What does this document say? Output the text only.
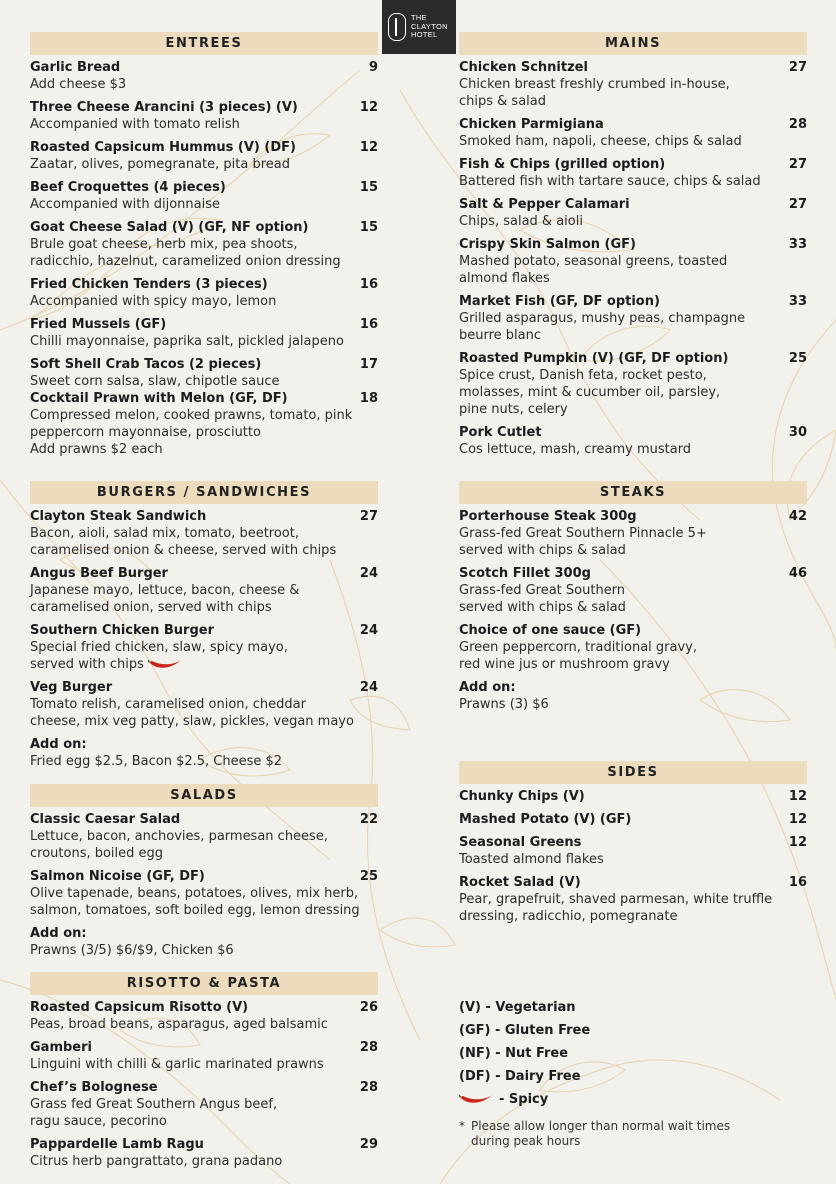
THE
CLAYTON
HOTEL
ENTREES
Garlic Bread	9
Add cheese $3
Three Cheese Arancini (3 pieces) (V)	12
Accompanied with tomato relish
Roasted Capsicum Hummus (V) (DF)	12
Zaatar, olives, pomegranate, pita bread
Beef Croquettes (4 pieces)	15
Accompanied with dijonnaise
Goat Cheese Salad (V) (GF, NF option)	15
Brule goat cheese, herb mix, pea shoots,
radicchio, hazelnut, caramelized onion dressing
Fried Chicken Tenders (3 pieces)	16
Accompanied with spicy mayo, lemon
Fried Mussels (GF)	16
Chilli mayonnaise, paprika salt, pickled jalapeno
Soft Shell Crab Tacos (2 pieces)	17
Sweet corn salsa, slaw, chipotle sauce
Cocktail Prawn with Melon (GF, DF)	18
Compressed melon, cooked prawns, tomato, pink
peppercorn mayonnaise, prosciutto
Add prawns $2 each
BURGERS / SANDWICHES
Clayton Steak Sandwich	27
Bacon, aioli, salad mix, tomato, beetroot,
caramelised onion & cheese, served with chips
Angus Beef Burger	24
Japanese mayo, lettuce, bacon, cheese &
caramelised onion, served with chips
Southern Chicken Burger	24
Special fried chicken, slaw, spicy mayo,
served with chips
Veg Burger	24
Tomato relish, caramelised onion, cheddar
cheese, mix veg patty, slaw, pickles, vegan mayo
Add on:
Fried egg $2.5, Bacon $2.5, Cheese $2
SALADS
Classic Caesar Salad	22
Lettuce, bacon, anchovies, parmesan cheese,
croutons, boiled egg
Salmon Nicoise (GF, DF)	25
Olive tapenade, beans, potatoes, olives, mix herb,
salmon, tomatoes, soft boiled egg, lemon dressing
Add on:
Prawns (3/5) $6/$9, Chicken $6
RISOTTO & PASTA
Roasted Capsicum Risotto (V)	26
Peas, broad beans, asparagus, aged balsamic
Gamberi	28
Linguini with chilli & garlic marinated prawns
Chef’s Bolognese	28
Grass fed Great Southern Angus beef,
ragu sauce, pecorino
Pappardelle Lamb Ragu	29
Citrus herb pangrattato, grana padano
MAINS
Chicken Schnitzel	27
Chicken breast freshly crumbed in-house,
chips & salad
Chicken Parmigiana	28
Smoked ham, napoli, cheese, chips & salad
Fish & Chips (grilled option)	27
Battered fish with tartare sauce, chips & salad
Salt & Pepper Calamari	27
Chips, salad & aioli
Crispy Skin Salmon (GF)	33
Mashed potato, seasonal greens, toasted
almond flakes
Market Fish (GF, DF option)	33
Grilled asparagus, mushy peas, champagne
beurre blanc
Roasted Pumpkin (V) (GF, DF option)	25
Spice crust, Danish feta, rocket pesto,
molasses, mint & cucumber oil, parsley,
pine nuts, celery
Pork Cutlet	30
Cos lettuce, mash, creamy mustard
STEAKS
Porterhouse Steak 300g	42
Grass-fed Great Southern Pinnacle 5+
served with chips & salad
Scotch Fillet 300g	46
Grass-fed Great Southern
served with chips & salad
Choice of one sauce (GF)
Green peppercorn, traditional gravy,
red wine jus or mushroom gravy
Add on:
Prawns (3) $6
SIDES
Chunky Chips (V)	12
Mashed Potato (V) (GF)	12
Seasonal Greens	12
Toasted almond flakes
Rocket Salad (V)	16
Pear, grapefruit, shaved parmesan, white truffle
dressing, radicchio, pomegranate
(V) - Vegetarian
(GF) - Gluten Free
(NF) - Nut Free
(DF) - Dairy Free
- Spicy
* Please allow longer than normal wait times
during peak hours
